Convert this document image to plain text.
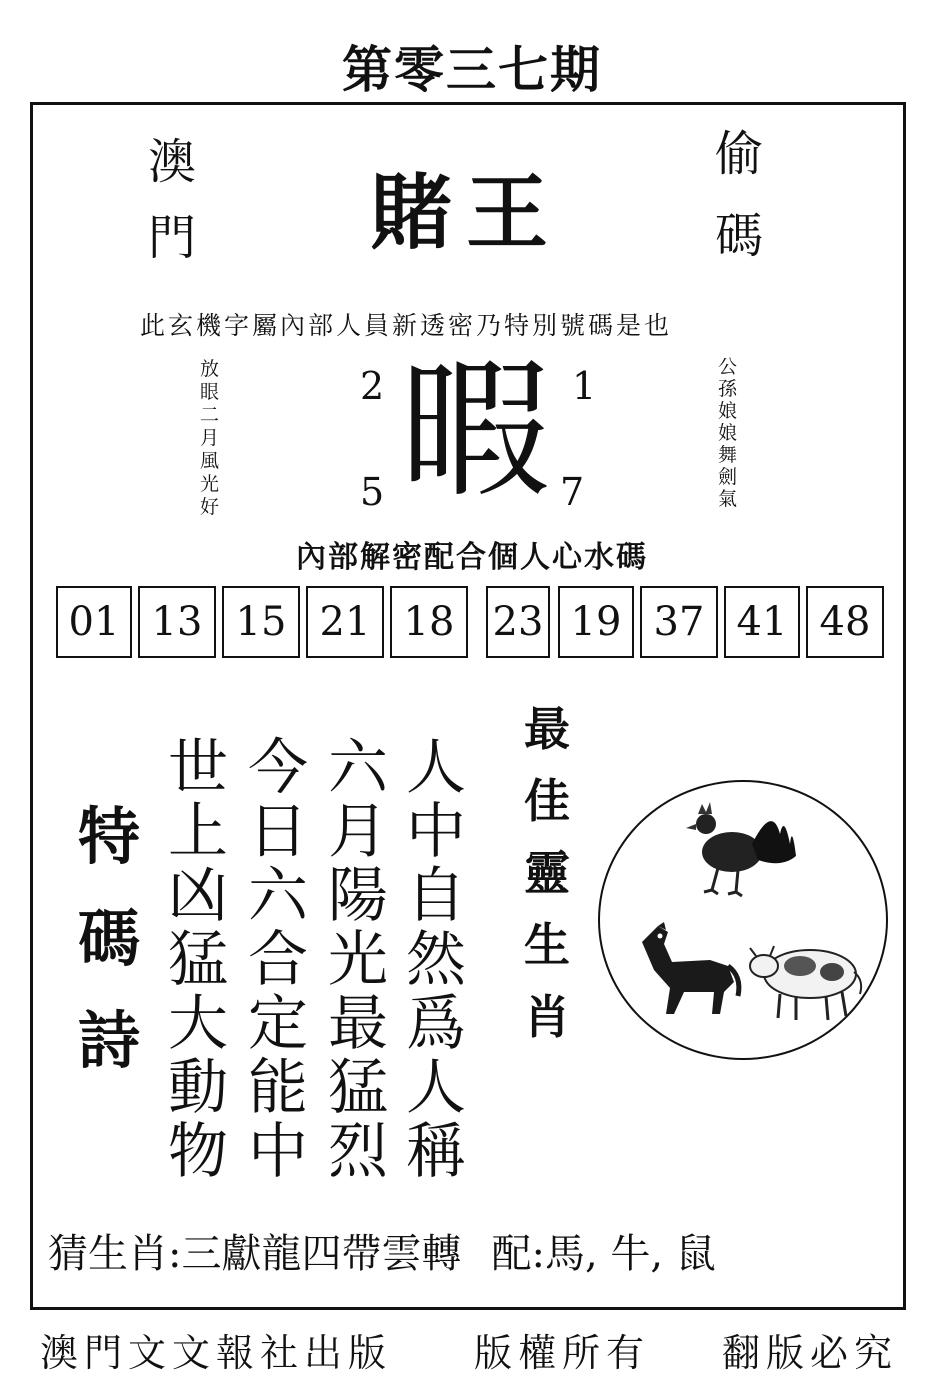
第零三七期
澳
門
偷
碼
賭王
此玄機字屬內部人員新透密乃特別號碼是也
放
眼
二
月
風
光
好
公
孫
娘
娘
舞
劍
氣
2	1
5	7
暇
內部解密配合個人心水碼
01 13 15 21 18 23 19 37 41 48
特
碼
詩
世
上
凶
猛
大
動
物
今
日
六
合
定
能
中
六
月
陽
光
最
猛
烈
人
中
自
然
爲
人
稱
最
佳
靈
生
肖
猜生肖:三獻龍四帶雲轉 配:馬, 牛, 鼠
澳門文文報社出版 版權所有 翻版必究
